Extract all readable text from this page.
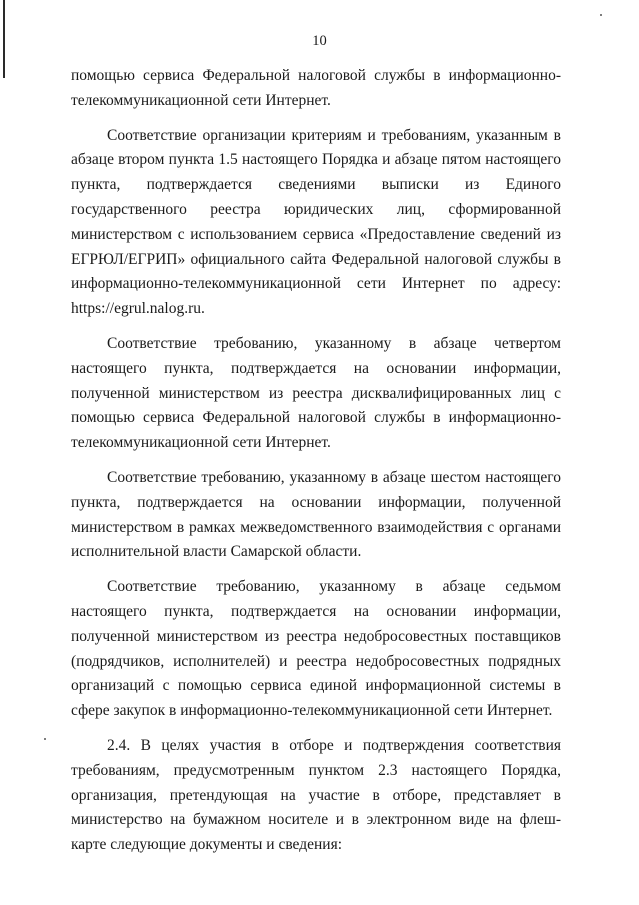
10

помощью сервиса Федеральной налоговой службы в информационно-телекоммуникационной сети Интернет.

Соответствие организации критериям и требованиям, указанным в абзаце втором пункта 1.5 настоящего Порядка и абзаце пятом настоящего пункта, подтверждается сведениями выписки из Единого государственного реестра юридических лиц, сформированной министерством с использованием сервиса «Предоставление сведений из ЕГРЮЛ/ЕГРИП» официального сайта Федеральной налоговой службы в информационно-телекоммуникационной сети Интернет по адресу: https://egrul.nalog.ru.

Соответствие требованию, указанному в абзаце четвертом настоящего пункта, подтверждается на основании информации, полученной министерством из реестра дисквалифицированных лиц с помощью сервиса Федеральной налоговой службы в информационно-телекоммуникационной сети Интернет.

Соответствие требованию, указанному в абзаце шестом настоящего пункта, подтверждается на основании информации, полученной министерством в рамках межведомственного взаимодействия с органами исполнительной власти Самарской области.

Соответствие требованию, указанному в абзаце седьмом настоящего пункта, подтверждается на основании информации, полученной министерством из реестра недобросовестных поставщиков (подрядчиков, исполнителей) и реестра недобросовестных подрядных организаций с помощью сервиса единой информационной системы в сфере закупок в информационно-телекоммуникационной сети Интернет.

2.4. В целях участия в отборе и подтверждения соответствия требованиям, предусмотренным пунктом 2.3 настоящего Порядка, организация, претендующая на участие в отборе, представляет в министерство на бумажном носителе и в электронном виде на флеш-карте следующие документы и сведения:
